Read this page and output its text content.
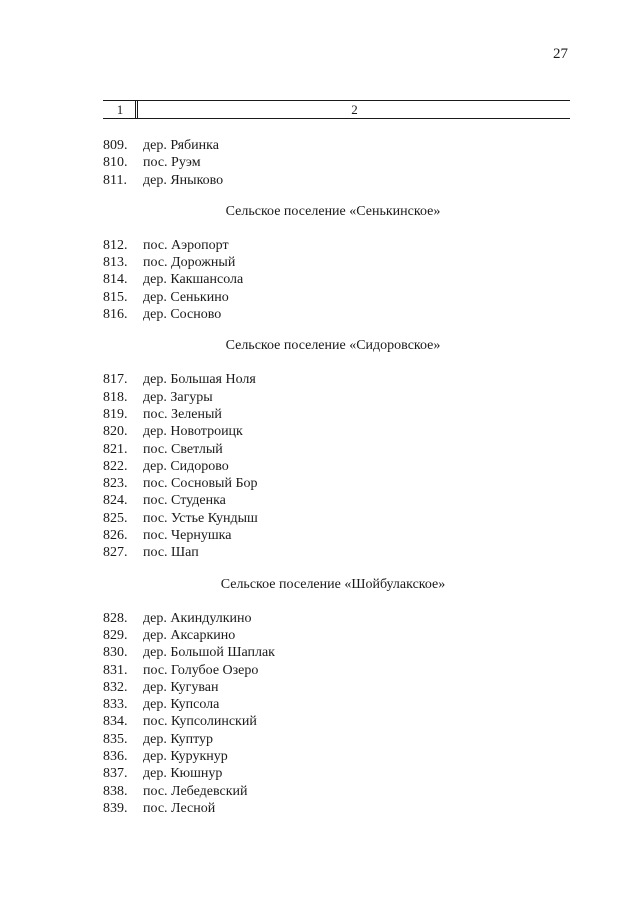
27
1	2
809.	дер. Рябинка
810.	пос. Руэм
811.	дер. Яныково
Сельское поселение «Сенькинское»
812.	пос. Аэропорт
813.	пос. Дорожный
814.	дер. Какшансола
815.	дер. Сенькино
816.	дер. Сосново
Сельское поселение «Сидоровское»
817.	дер. Большая Ноля
818.	дер. Загуры
819.	пос. Зеленый
820.	дер. Новотроицк
821.	пос. Светлый
822.	дер. Сидорово
823.	пос. Сосновый Бор
824.	пос. Студенка
825.	пос. Устье Кундыш
826.	пос. Чернушка
827.	пос. Шап
Сельское поселение «Шойбулакское»
828.	дер. Акиндулкино
829.	дер. Аксаркино
830.	дер. Большой Шаплак
831.	пос. Голубое Озеро
832.	дер. Кугуван
833.	дер. Купсола
834.	пос. Купсолинский
835.	дер. Куптур
836.	дер. Курукнур
837.	дер. Кюшнур
838.	пос. Лебедевский
839.	пос. Лесной
